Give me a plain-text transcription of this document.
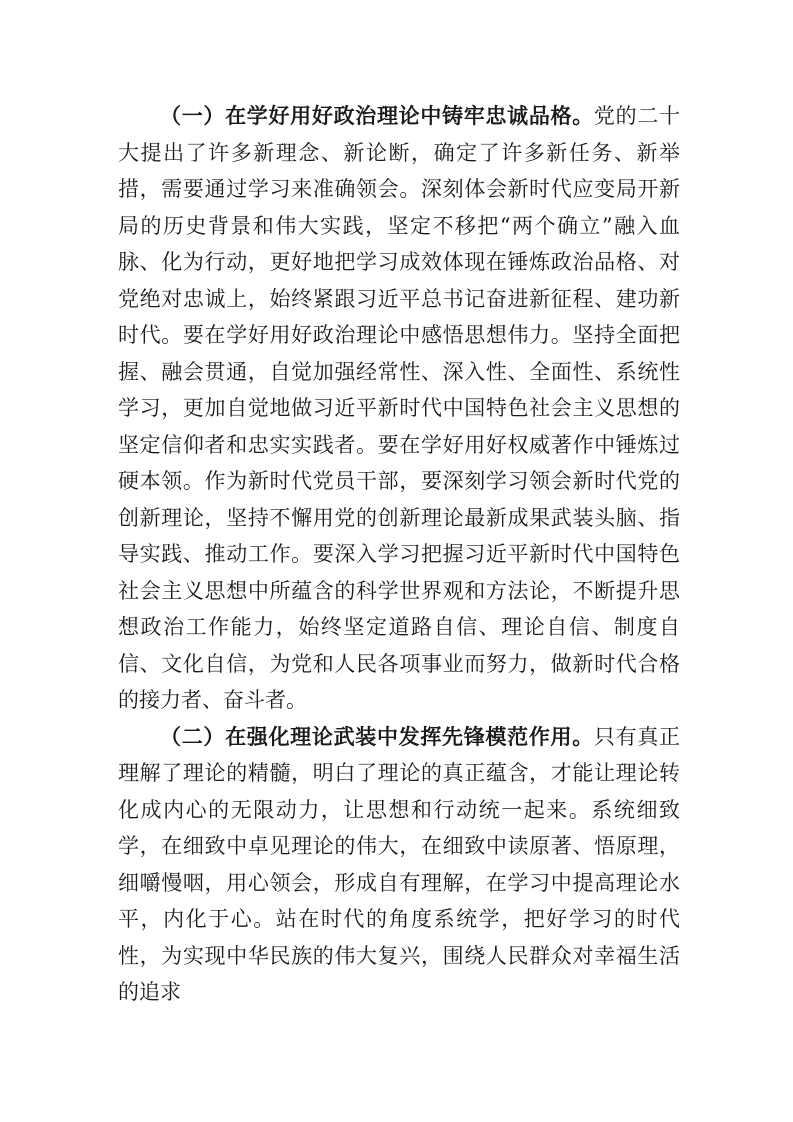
（一）在学好用好政治理论中铸牢忠诚品格。党的二十大提出了许多新理念、新论断，确定了许多新任务、新举措，需要通过学习来准确领会。深刻体会新时代应变局开新局的历史背景和伟大实践，坚定不移把“两个确立”融入血脉、化为行动，更好地把学习成效体现在锤炼政治品格、对党绝对忠诚上，始终紧跟习近平总书记奋进新征程、建功新时代。要在学好用好政治理论中感悟思想伟力。坚持全面把握、融会贯通，自觉加强经常性、深入性、全面性、系统性学习，更加自觉地做习近平新时代中国特色社会主义思想的坚定信仰者和忠实实践者。要在学好用好权威著作中锤炼过硬本领。作为新时代党员干部，要深刻学习领会新时代党的创新理论，坚持不懈用党的创新理论最新成果武装头脑、指导实践、推动工作。要深入学习把握习近平新时代中国特色社会主义思想中所蕴含的科学世界观和方法论，不断提升思想政治工作能力，始终坚定道路自信、理论自信、制度自信、文化自信，为党和人民各项事业而努力，做新时代合格的接力者、奋斗者。

（二）在强化理论武装中发挥先锋模范作用。只有真正理解了理论的精髓，明白了理论的真正蕴含，才能让理论转化成内心的无限动力，让思想和行动统一起来。系统细致学，在细致中卓见理论的伟大，在细致中读原著、悟原理，细嚼慢咽，用心领会，形成自有理解，在学习中提高理论水平，内化于心。站在时代的角度系统学，把好学习的时代性，为实现中华民族的伟大复兴，围绕人民群众对幸福生活的追求
